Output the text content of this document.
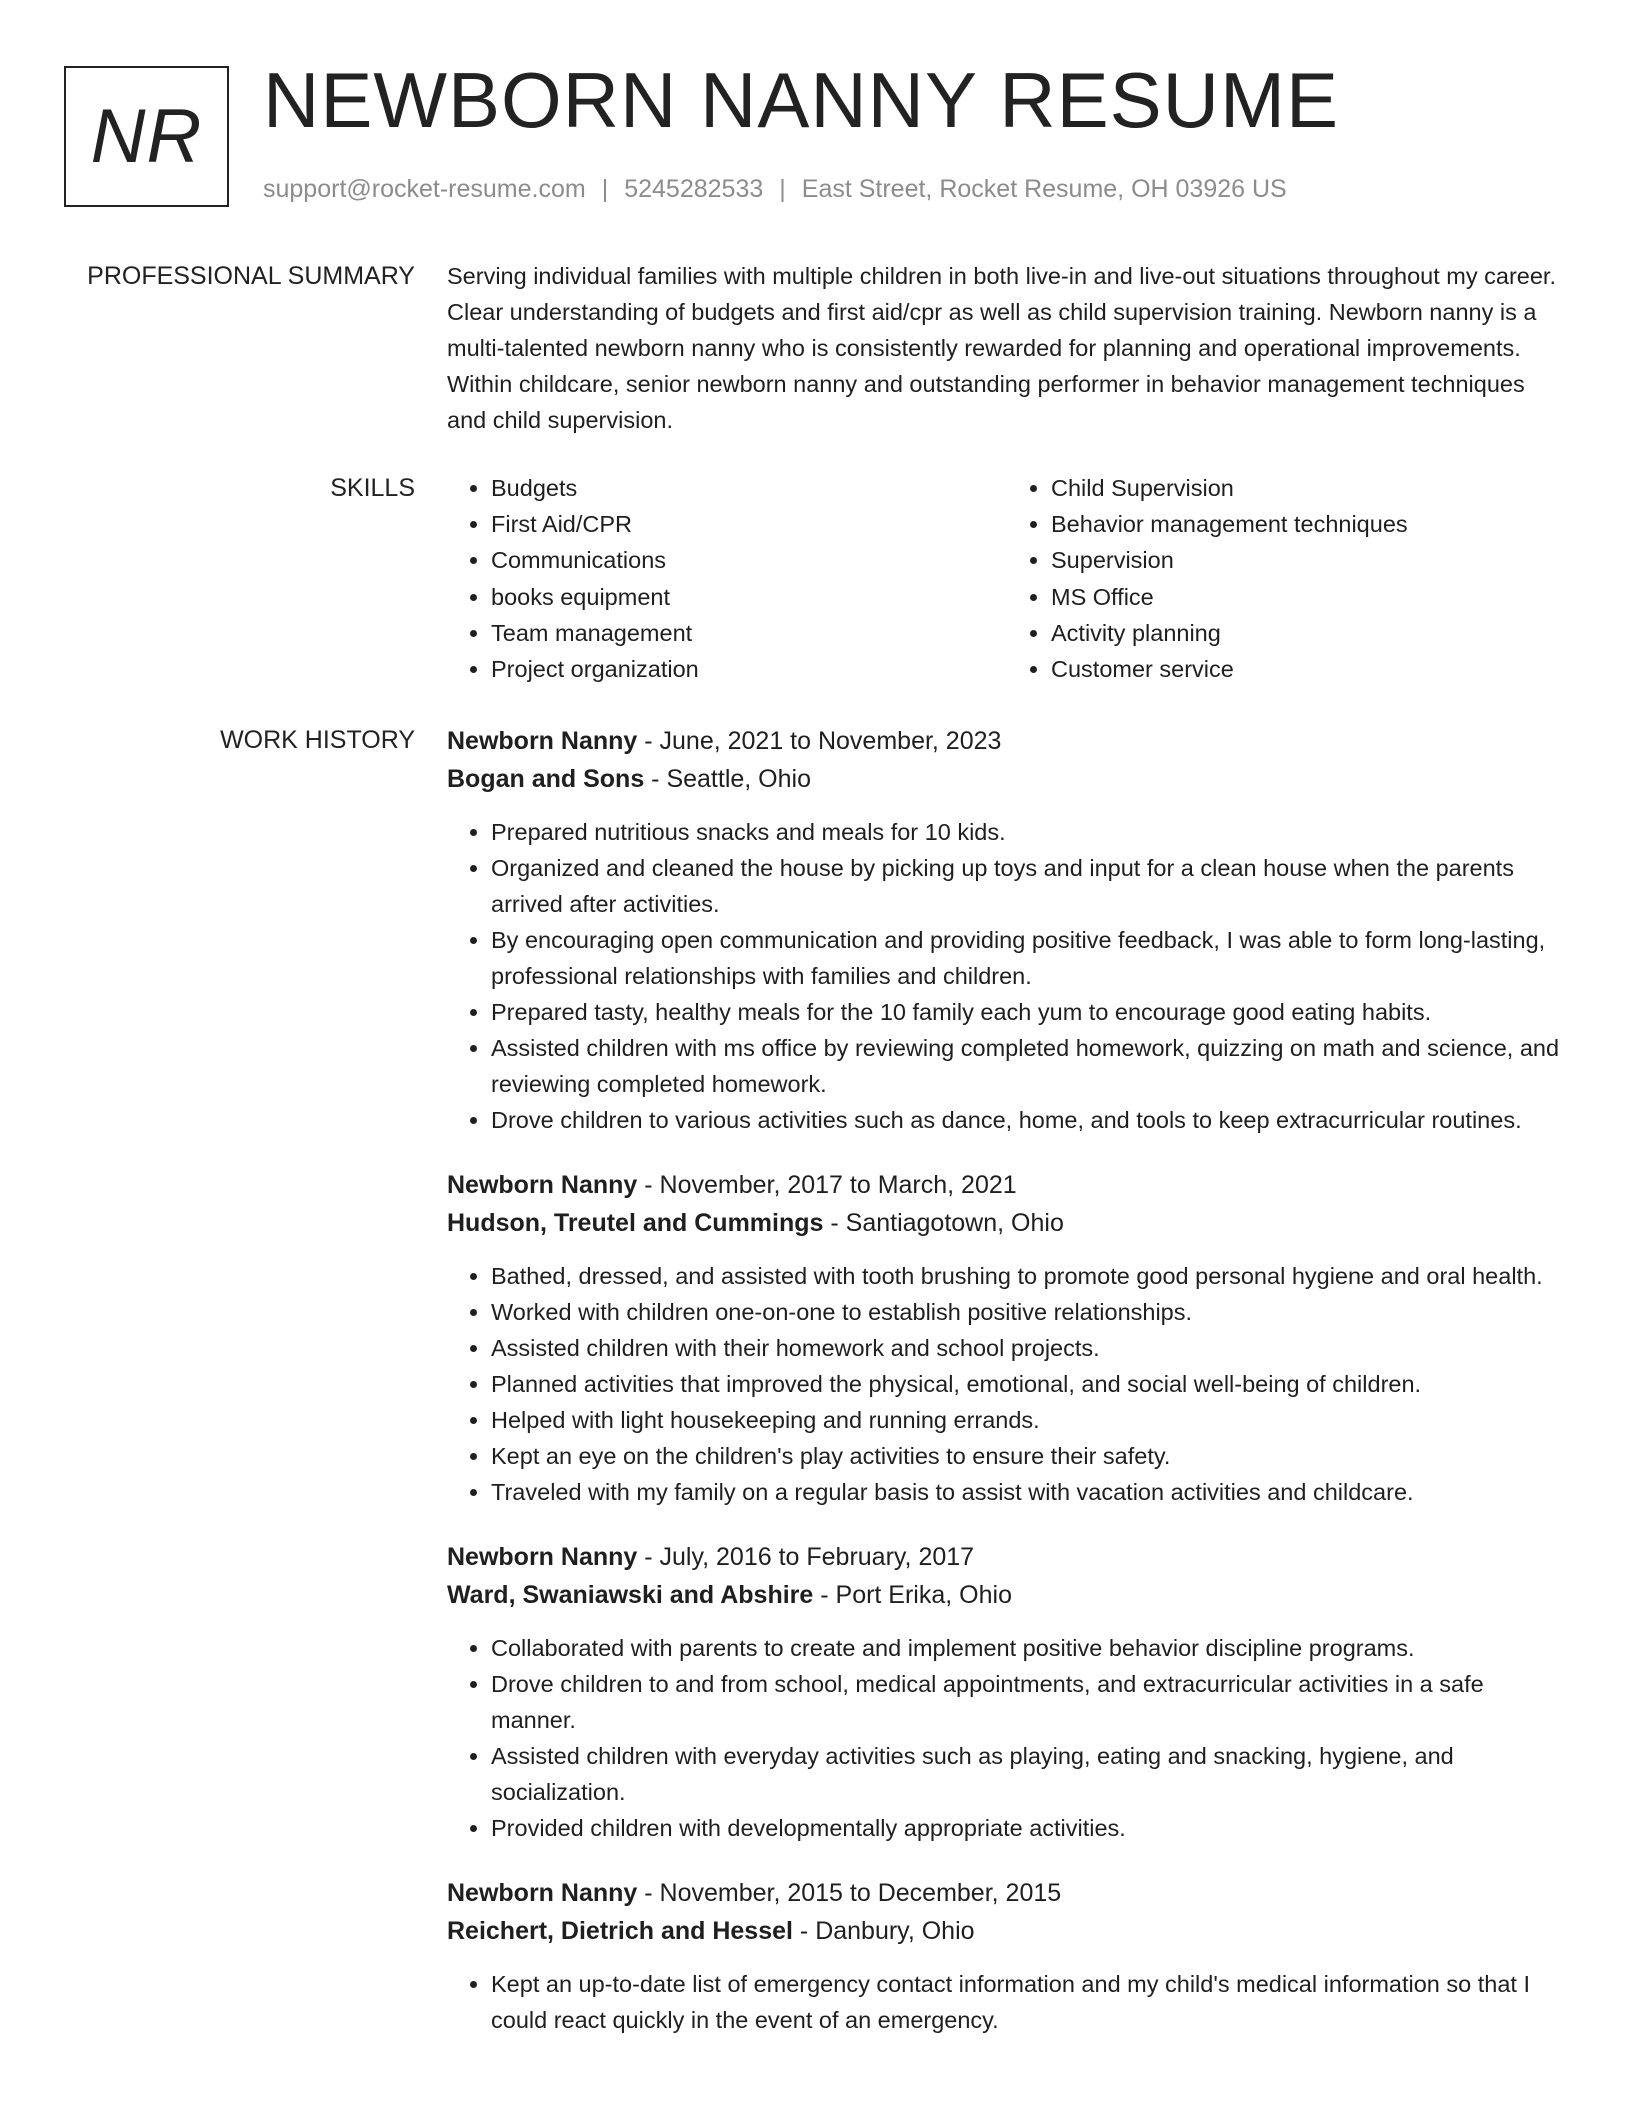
NR NEWBORN NANNY RESUME
support@rocket-resume.com | 5245282533 | East Street, Rocket Resume, OH 03926 US
PROFESSIONAL SUMMARY Serving individual families with multiple children in both live-in and live-out situations throughout my career. Clear understanding of budgets and first aid/cpr as well as child supervision training. Newborn nanny is a multi-talented newborn nanny who is consistently rewarded for planning and operational improvements. Within childcare, senior newborn nanny and outstanding performer in behavior management techniques and child supervision.

SKILLS
•	Budgets
• First Aid/CPR
• Communications
• books equipment
• Team management
• Project organization
• Child Supervision
• Behavior management techniques
• Supervision
• MS Office
• Activity planning
• Customer service
WORK HISTORY Newborn Nanny - June, 2021 to November, 2023
Bogan and Sons - Seattle, Ohio
• Prepared nutritious snacks and meals for 10 kids.
• Organized and cleaned the house by picking up toys and input for a clean house when the parents arrived after activities.
• By encouraging open communication and providing positive feedback, I was able to form long-lasting, professional relationships with families and children.
• Prepared tasty, healthy meals for the 10 family each yum to encourage good eating habits.
• Assisted children with ms office by reviewing completed homework, quizzing on math and science, and reviewing completed homework.
• Drove children to various activities such as dance, home, and tools to keep extracurricular routines.
Newborn Nanny - November, 2017 to March, 2021
Hudson, Treutel and Cummings - Santiagotown, Ohio
• Bathed, dressed, and assisted with tooth brushing to promote good personal hygiene and oral health.
• Worked with children one-on-one to establish positive relationships.
• Assisted children with their homework and school projects.
• Planned activities that improved the physical, emotional, and social well-being of children.
• Helped with light housekeeping and running errands.
• Kept an eye on the children's play activities to ensure their safety.
• Traveled with my family on a regular basis to assist with vacation activities and childcare.
Newborn Nanny - July, 2016 to February, 2017
Ward, Swaniawski and Abshire - Port Erika, Ohio
• Collaborated with parents to create and implement positive behavior discipline programs.
• Drove children to and from school, medical appointments, and extracurricular activities in a safe manner.
• Assisted children with everyday activities such as playing, eating and snacking, hygiene, and socialization.
• Provided children with developmentally appropriate activities.
Newborn Nanny - November, 2015 to December, 2015
Reichert, Dietrich and Hessel - Danbury, Ohio
• Kept an up-to-date list of emergency contact information and my child's medical information so that I could react quickly in the event of an emergency.
